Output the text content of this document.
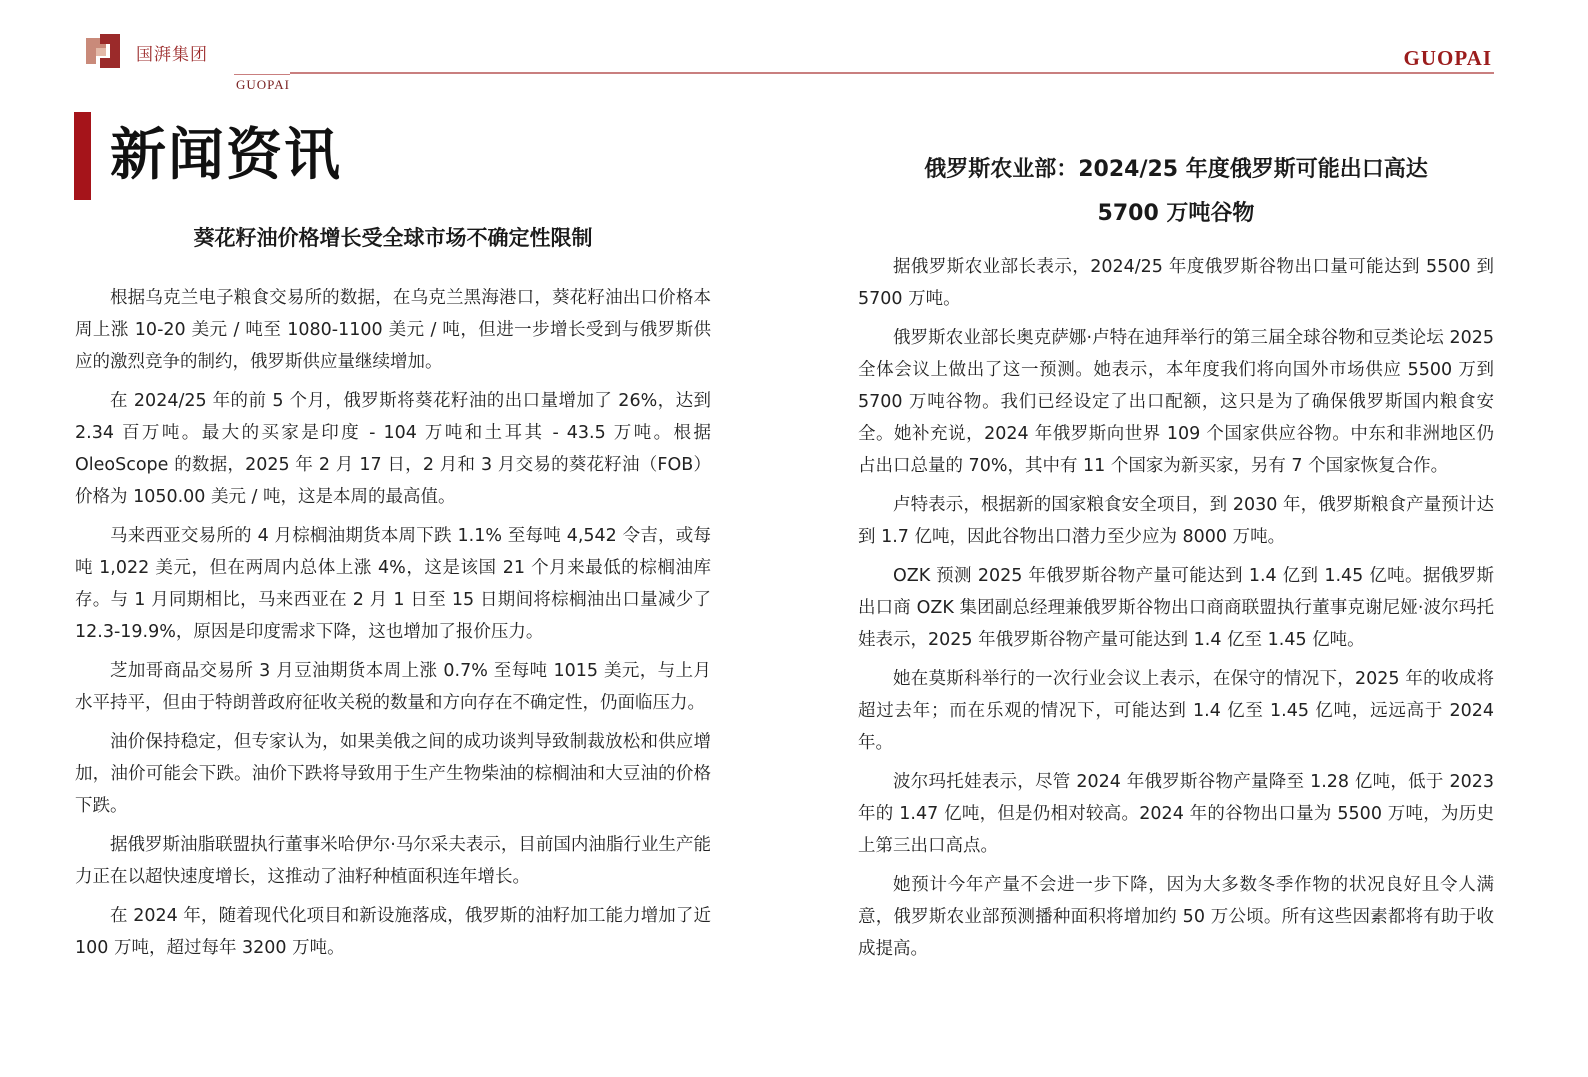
国湃集团
GUOPAI
GUOPAI
新闻资讯
葵花籽油价格增长受全球市场不确定性限制

根据乌克兰电子粮食交易所的数据，在乌克兰黑海港口，葵花籽油出口价格本周上涨 10-20 美元 / 吨至 1080-1100 美元 / 吨，但进一步增长受到与俄罗斯供应的激烈竞争的制约，俄罗斯供应量继续增加。

在 2024/25 年的前 5 个月，俄罗斯将葵花籽油的出口量增加了 26%，达到 2.34 百万吨。最大的买家是印度 - 104 万吨和土耳其 - 43.5 万吨。根据 OleoScope 的数据，2025 年 2 月 17 日，2 月和 3 月交易的葵花籽油（FOB）价格为 1050.00 美元 / 吨，这是本周的最高值。

马来西亚交易所的 4 月棕榈油期货本周下跌 1.1% 至每吨 4,542 令吉，或每吨 1,022 美元，但在两周内总体上涨 4%，这是该国 21 个月来最低的棕榈油库存。与 1 月同期相比，马来西亚在 2 月 1 日至 15 日期间将棕榈油出口量减少了 12.3-19.9%，原因是印度需求下降，这也增加了报价压力。

芝加哥商品交易所 3 月豆油期货本周上涨 0.7% 至每吨 1015 美元，与上月水平持平，但由于特朗普政府征收关税的数量和方向存在不确定性，仍面临压力。

油价保持稳定，但专家认为，如果美俄之间的成功谈判导致制裁放松和供应增加，油价可能会下跌。油价下跌将导致用于生产生物柴油的棕榈油和大豆油的价格下跌。

据俄罗斯油脂联盟执行董事米哈伊尔·马尔采夫表示，目前国内油脂行业生产能力正在以超快速度增长，这推动了油籽种植面积连年增长。

在 2024 年，随着现代化项目和新设施落成，俄罗斯的油籽加工能力增加了近 100 万吨，超过每年 3200 万吨。

俄罗斯农业部：2024/25 年度俄罗斯可能出口高达
5700 万吨谷物

据俄罗斯农业部长表示，2024/25 年度俄罗斯谷物出口量可能达到 5500 到 5700 万吨。

俄罗斯农业部长奥克萨娜·卢特在迪拜举行的第三届全球谷物和豆类论坛 2025 全体会议上做出了这一预测。她表示，本年度我们将向国外市场供应 5500 万到 5700 万吨谷物。我们已经设定了出口配额，这只是为了确保俄罗斯国内粮食安全。她补充说，2024 年俄罗斯向世界 109 个国家供应谷物。中东和非洲地区仍占出口总量的 70%，其中有 11 个国家为新买家，另有 7 个国家恢复合作。

卢特表示，根据新的国家粮食安全项目，到 2030 年，俄罗斯粮食产量预计达到 1.7 亿吨，因此谷物出口潜力至少应为 8000 万吨。

OZK 预测 2025 年俄罗斯谷物产量可能达到 1.4 亿到 1.45 亿吨。据俄罗斯出口商 OZK 集团副总经理兼俄罗斯谷物出口商商联盟执行董事克谢尼娅·波尔玛托娃表示，2025 年俄罗斯谷物产量可能达到 1.4 亿至 1.45 亿吨。

她在莫斯科举行的一次行业会议上表示，在保守的情况下，2025 年的收成将超过去年；而在乐观的情况下，可能达到 1.4 亿至 1.45 亿吨，远远高于 2024 年。

波尔玛托娃表示，尽管 2024 年俄罗斯谷物产量降至 1.28 亿吨，低于 2023 年的 1.47 亿吨，但是仍相对较高。2024 年的谷物出口量为 5500 万吨，为历史上第三出口高点。

她预计今年产量不会进一步下降，因为大多数冬季作物的状况良好且令人满意，俄罗斯农业部预测播种面积将增加约 50 万公顷。所有这些因素都将有助于收成提高。
